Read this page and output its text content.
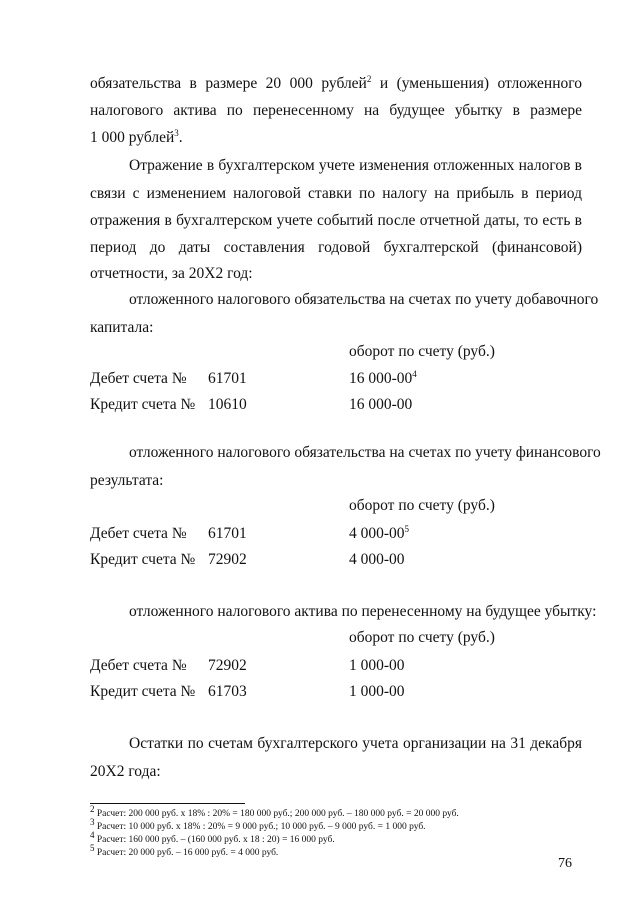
обязательства в размере 20 000 рублей$^2$ и (уменьшения) отложенного
налогового актива по перенесенному на будущее убытку в размере
1 000 рублей$^3$.
Отражение в бухгалтерском учете изменения отложенных налогов в
связи с изменением налоговой ставки по налогу на прибыль в период
отражения в бухгалтерском учете событий после отчетной даты, то есть в
период до даты составления годовой бухгалтерской (финансовой)
отчетности, за 20Х2 год:
отложенного налогового обязательства на счетах по учету добавочного
капитала:
оборот по счету (руб.)
Дебет счета № 61701	16 $000-00^4$
Кредит счета № 10610	16 000-00
отложенного налогового обязательства на счетах по учету финансового
результата:
оборот по счету (руб.)
Дебет счета № 61701	4 $000-00^5$
Кредит счета № 72902	4 000-00
отложенного налогового актива по перенесенному на будущее убытку:
оборот по счету (руб.)
Дебет счета № 72902	1 000-00
Кредит счета № 61703	1 000-00
Остатки по счетам бухгалтерского учета организации на 31 декабря
20Х2 года:
$^2$ Расчет: 200 000 руб. х 18% : 20% = 180 000 руб.; 200 000 руб. – 180 000 руб. = 20 000 руб.
$^3$ Расчет: 10 000 руб. х 18% : 20% = 9 000 руб.; 10 000 руб. – 9 000 руб. = 1 000 руб.
$^4$ Расчет: 160 000 руб. – (160 000 руб. х 18 : 20) = 16 000 руб.
$^5$ Расчет: 20 000 руб. – 16 000 руб. = 4 000 руб.
76
